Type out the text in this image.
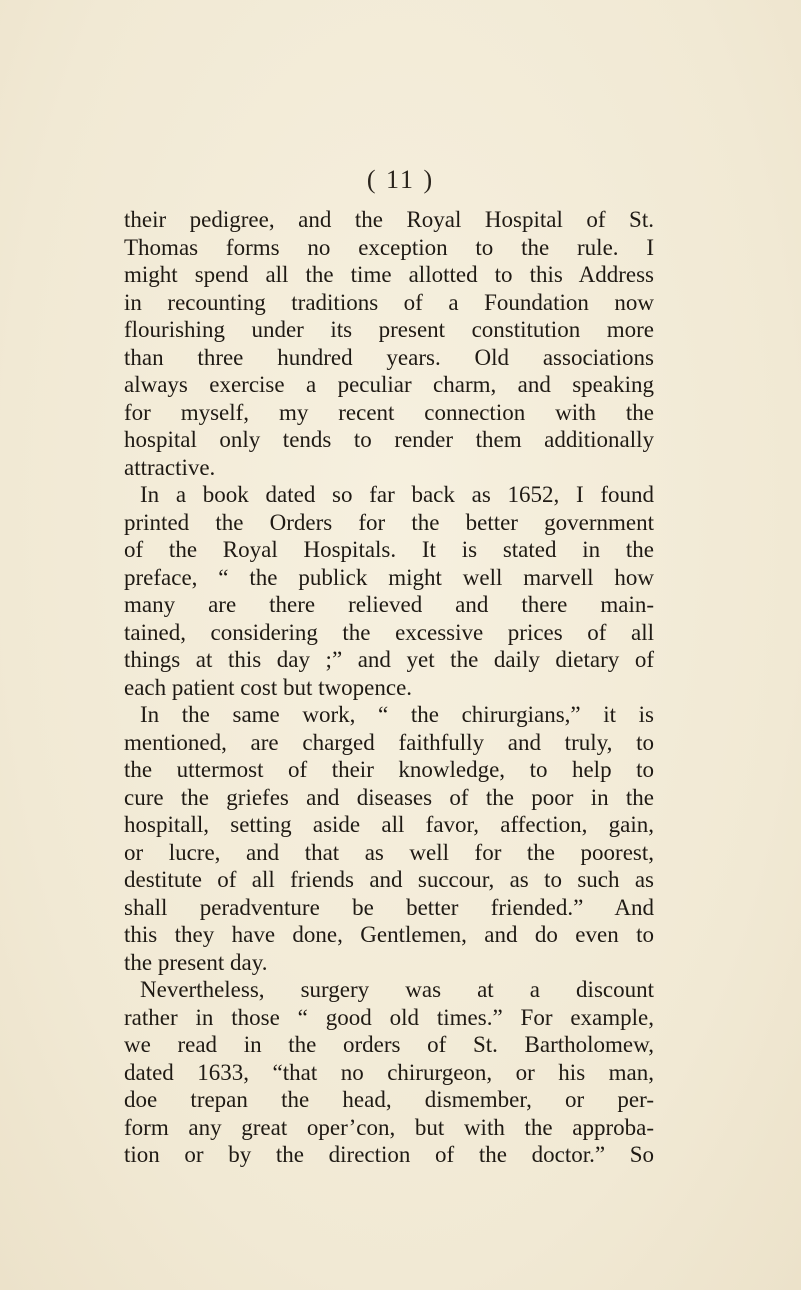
( 11 )
their pedigree, and the Royal Hospital of St.
Thomas forms no exception to the rule. I
might spend all the time allotted to this Address
in recounting traditions of a Foundation now
flourishing under its present constitution more
than three hundred years. Old associations
always exercise a peculiar charm, and speaking
for myself, my recent connection with the
hospital only tends to render them additionally
attractive.
In a book dated so far back as 1652, I found
printed the Orders for the better government
of the Royal Hospitals. It is stated in the
preface, “ the publick might well marvell how
many are there relieved and there main-
tained, considering the excessive prices of all
things at this day ;” and yet the daily dietary of
each patient cost but twopence.
In the same work, “ the chirurgians,” it is
mentioned, are charged faithfully and truly, to
the uttermost of their knowledge, to help to
cure the griefes and diseases of the poor in the
hospitall, setting aside all favor, affection, gain,
or lucre, and that as well for the poorest,
destitute of all friends and succour, as to such as
shall peradventure be better friended.” And
this they have done, Gentlemen, and do even to
the present day.
Nevertheless, surgery was at a discount
rather in those “ good old times.” For example,
we read in the orders of St. Bartholomew,
dated 1633, “that no chirurgeon, or his man,
doe trepan the head, dismember, or per-
form any great oper’con, but with the approba-
tion or by the direction of the doctor.” So
